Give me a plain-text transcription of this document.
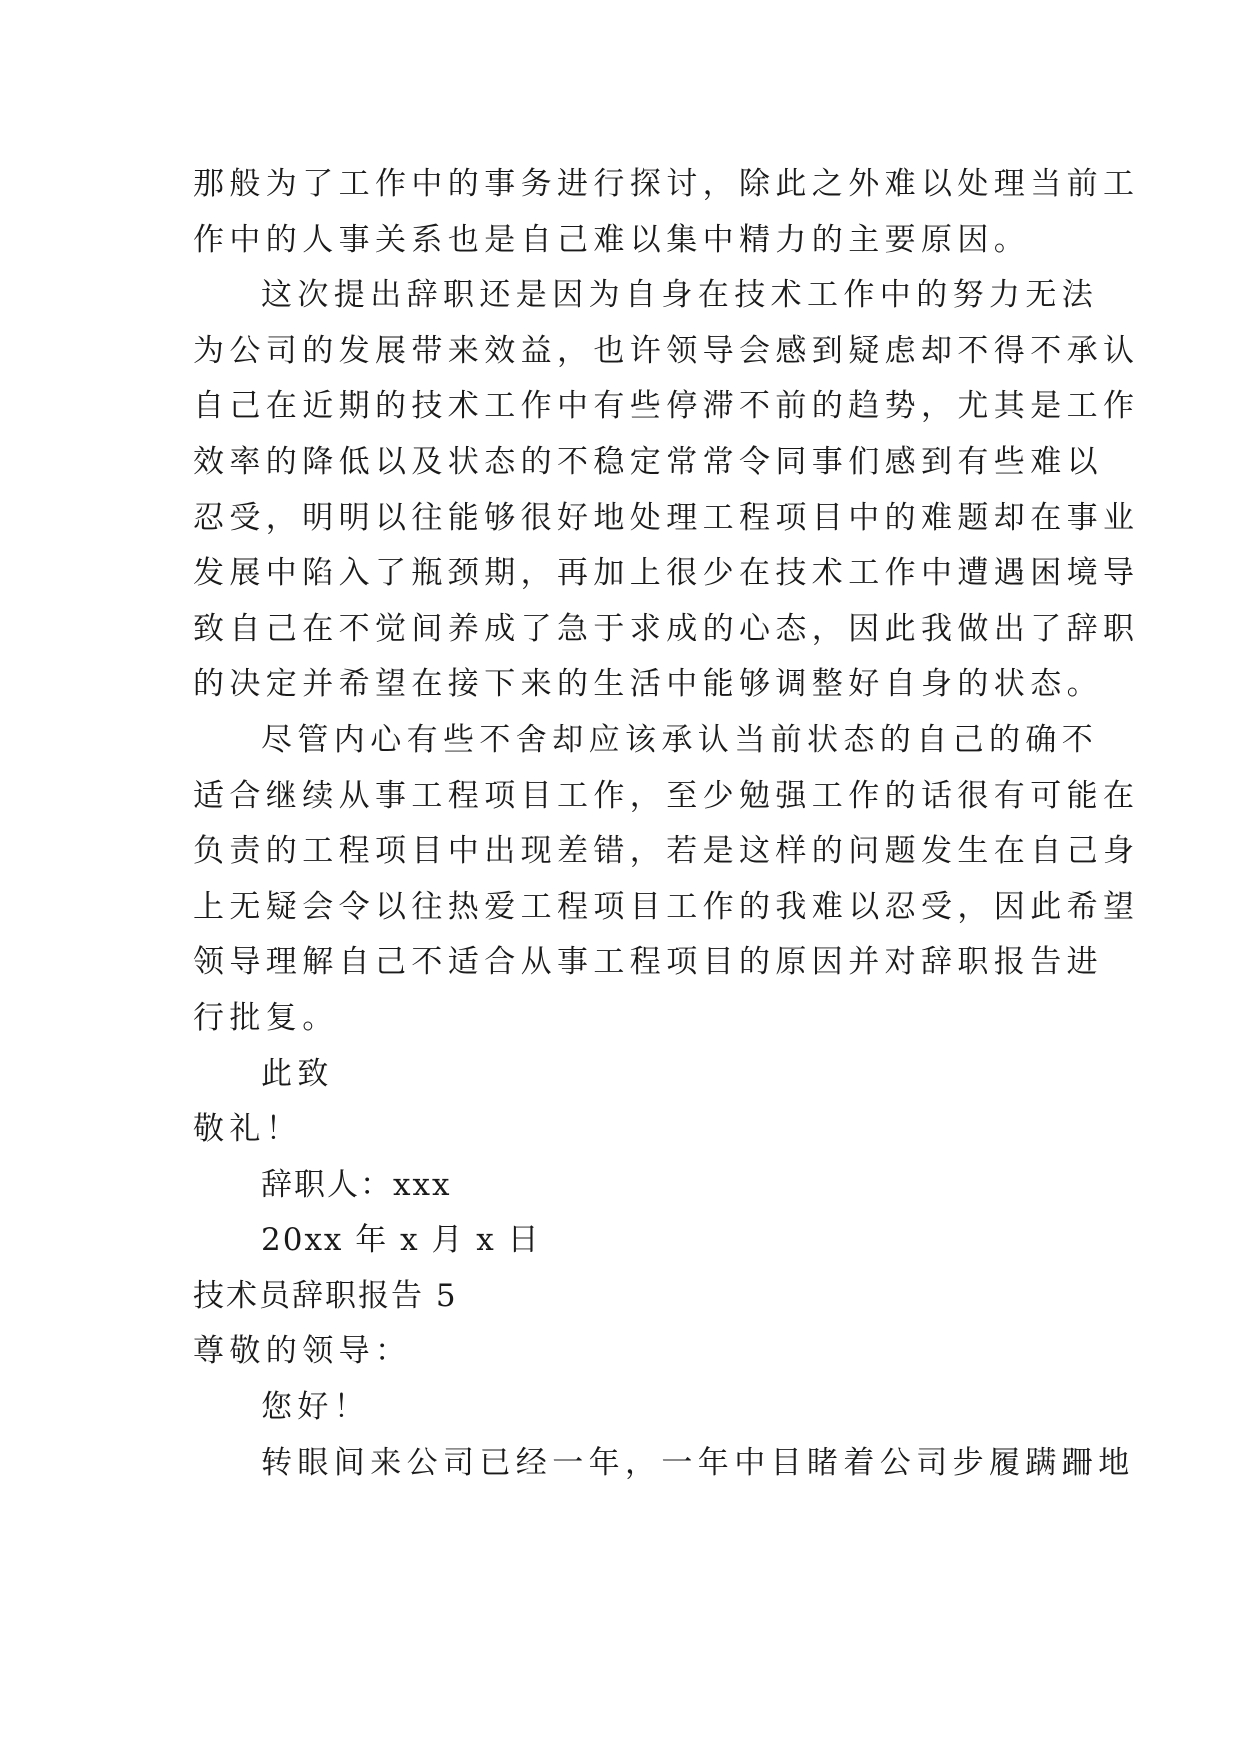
那般为了工作中的事务进行探讨，除此之外难以处理当前工
作中的人事关系也是自己难以集中精力的主要原因。
这次提出辞职还是因为自身在技术工作中的努力无法
为公司的发展带来效益，也许领导会感到疑虑却不得不承认
自己在近期的技术工作中有些停滞不前的趋势，尤其是工作
效率的降低以及状态的不稳定常常令同事们感到有些难以
忍受，明明以往能够很好地处理工程项目中的难题却在事业
发展中陷入了瓶颈期，再加上很少在技术工作中遭遇困境导
致自己在不觉间养成了急于求成的心态，因此我做出了辞职
的决定并希望在接下来的生活中能够调整好自身的状态。
尽管内心有些不舍却应该承认当前状态的自己的确不
适合继续从事工程项目工作，至少勉强工作的话很有可能在
负责的工程项目中出现差错，若是这样的问题发生在自己身
上无疑会令以往热爱工程项目工作的我难以忍受，因此希望
领导理解自己不适合从事工程项目的原因并对辞职报告进
行批复。
此致
敬礼！
辞职人：xxx
20xx 年 x 月 x 日
技术员辞职报告 5
尊敬的领导：
您好！
转眼间来公司已经一年，一年中目睹着公司步履蹒跚地
